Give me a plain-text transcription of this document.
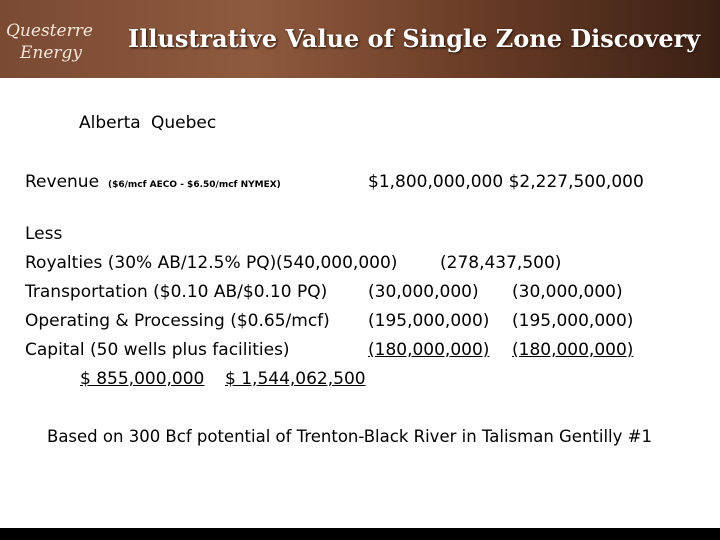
Questerre
Energy Illustrative Value of Single Zone Discovery
Alberta Quebec
Revenue ($6/mcf AECO - $6.50/mcf NYMEX)	$1,800,000,000 $2,227,500,000
Less
Royalties (30% AB/12.5% PQ) (540,000,000)	(278,437,500)
Transportation ($0.10 AB/$0.10 PQ) (30,000,000) (30,000,000)
Operating & Processing ($0.65/mcf) (195,000,000) (195,000,000)
Capital (50 wells plus facilities)	(180,000,000) (180,000,000)
$ 855,000,000 $ 1,544,062,500
Based on 300 Bcf potential of Trenton-Black River in Talisman Gentilly #1
